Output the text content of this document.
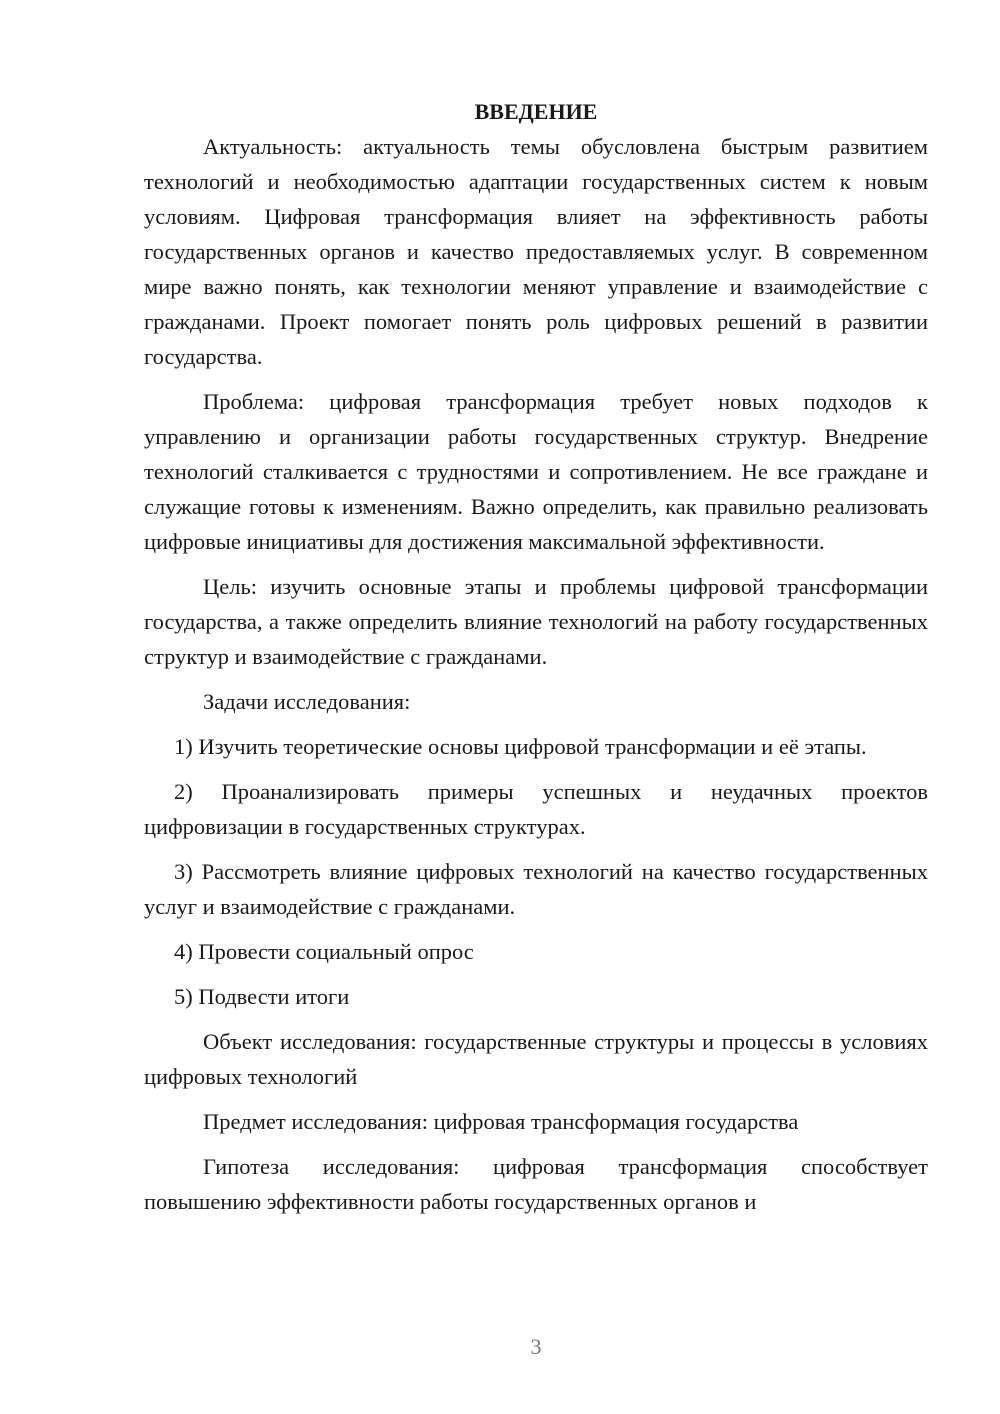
ВВЕДЕНИЕ

Актуальность: актуальность темы обусловлена быстрым развитием технологий и необходимостью адаптации государственных систем к новым условиям. Цифровая трансформация влияет на эффективность работы государственных органов и качество предоставляемых услуг. В современном мире важно понять, как технологии меняют управление и взаимодействие с гражданами. Проект помогает понять роль цифровых решений в развитии государства.

Проблема: цифровая трансформация требует новых подходов к управлению и организации работы государственных структур. Внедрение технологий сталкивается с трудностями и сопротивлением. Не все граждане и служащие готовы к изменениям. Важно определить, как правильно реализовать цифровые инициативы для достижения максимальной эффективности.

Цель: изучить основные этапы и проблемы цифровой трансформации государства, а также определить влияние технологий на работу государственных структур и взаимодействие с гражданами.

Задачи исследования:

1) Изучить теоретические основы цифровой трансформации и её этапы.

2) Проанализировать примеры успешных и неудачных проектов цифровизации в государственных структурах.

3) Рассмотреть влияние цифровых технологий на качество государственных услуг и взаимодействие с гражданами.

4) Провести социальный опрос

5) Подвести итоги

Объект исследования: государственные структуры и процессы в условиях цифровых технологий

Предмет исследования: цифровая трансформация государства

Гипотеза исследования: цифровая трансформация способствует повышению эффективности работы государственных органов и

3
